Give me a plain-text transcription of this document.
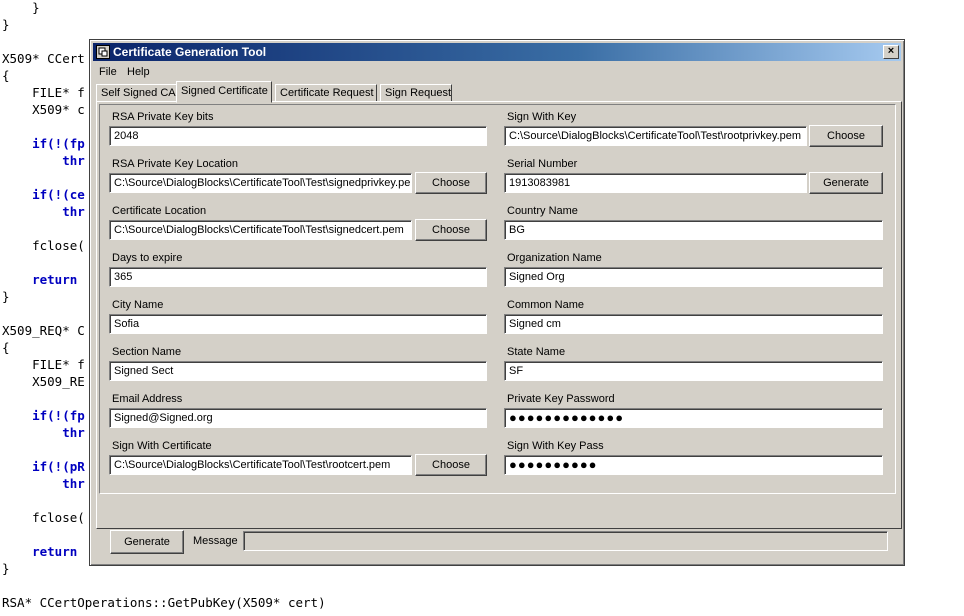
}
}
X509* CCert
{
FILE* f
X509* c
if(!(fp
thr
if(!(ce
thr
fclose(
return
}
X509_REQ* C
{
FILE* f
X509_RE
if(!(fp
thr
if(!(pR
thr
fclose(
return
}
RSA* CCertOperations::GetPubKey(X509* cert)
Certificate Generation Tool	×
File Help
Self Signed CA Signed Certificate	Certificate Request	Sign Request
RSA Private Key bits
2048
RSA Private Key Location
C:\Source\DialogBlocks\CertificateTool\Test\signedprivkey.pe	Choose
Certificate Location
C:\Source\DialogBlocks\CertificateTool\Test\signedcert.pem	Choose
Days to expire
365
City Name
Sofia
Section Name
Signed Sect
Email Address
Signed@Signed.org
Sign With Certificate
C:\Source\DialogBlocks\CertificateTool\Test\rootcert.pem	Choose
Sign With Key
C:\Source\DialogBlocks\CertificateTool\Test\rootprivkey.pem	Choose
Serial Number
1913083981	Generate
Country Name
BG
Organization Name
Signed Org
Common Name
Signed cm
State Name
SF
Private Key Password
●●●●●●●●●●●●●
Sign With Key Pass
●●●●●●●●●●
Generate	Message
